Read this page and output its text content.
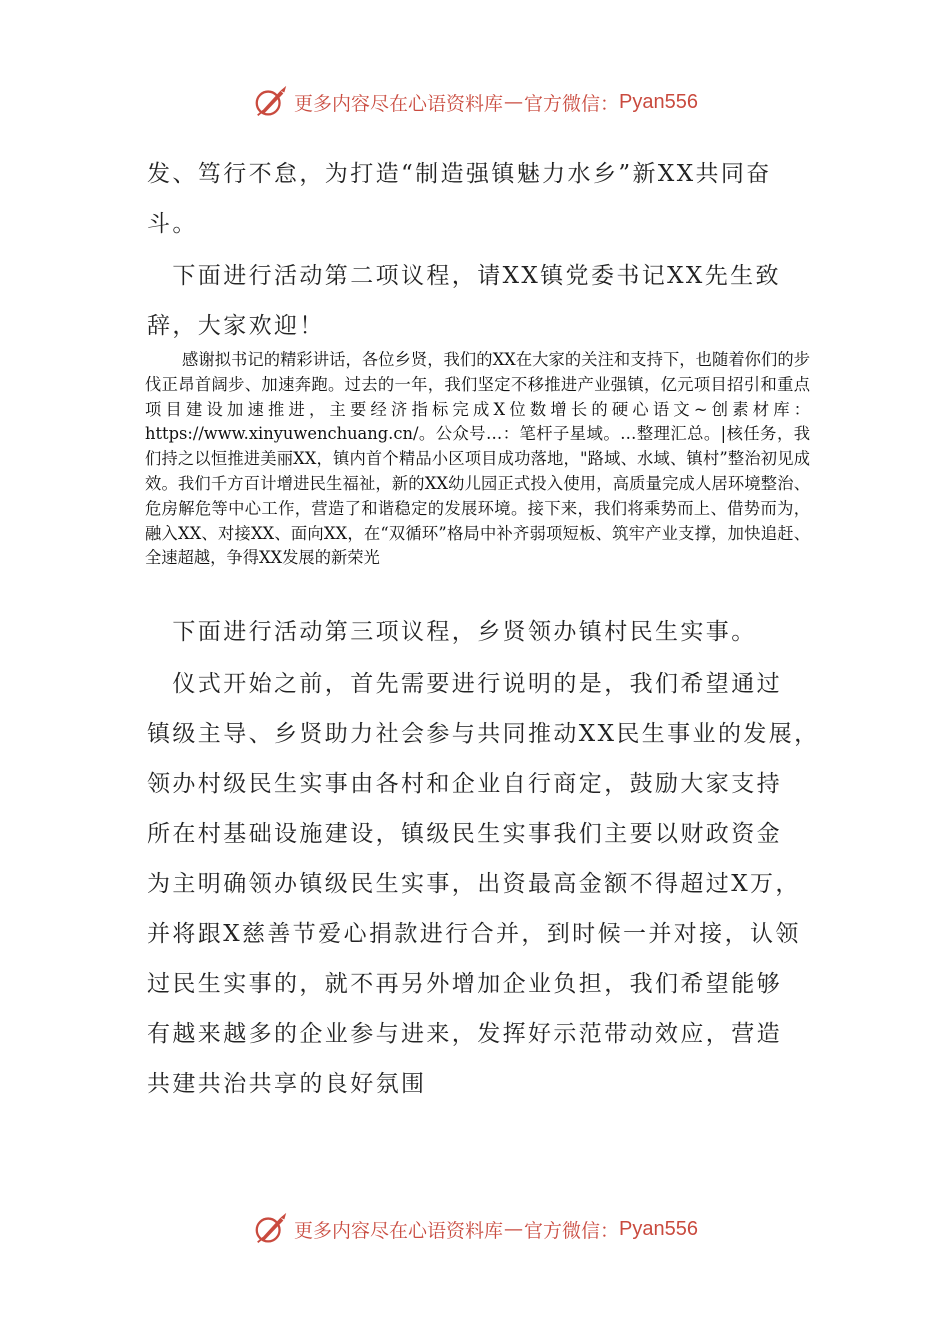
更多内容尽在心语资料库 — 官方微信： Pyan556
发、笃行不怠，为打造“制造强镇魅力水乡”新XX共同奋
斗。
　下面进行活动第二项议程，请XX镇党委书记XX先生致
辞，大家欢迎！
感谢拟书记的精彩讲话，各位乡贤，我们的XX在大家的关注和支持下，也随着你们的步伐正昂首阔步、加速奔跑。过去的一年，我们坚定不移推进产业强镇，亿元项目招引和重点项目建设加速推进，主要经济指标完成X位数增长的硬心语文~创素材库：https://www.xinyuwenchuang.cn/。公众号…：笔杆子星域。…整理汇总。|核任务，我们持之以恒推进美丽XX，镇内首个精品小区项目成功落地，"路域、水域、镇村”整治初见成效。我们千方百计增进民生福祉，新的XX幼儿园正式投入使用，高质量完成人居环境整治、危房解危等中心工作，营造了和谐稳定的发展环境。接下来，我们将乘势而上、借势而为，融入XX、对接XX、面向XX，在“双循环”格局中补齐弱项短板、筑牢产业支撑，加快追赶、全速超越，争得XX发展的新荣光
　下面进行活动第三项议程，乡贤领办镇村民生实事。
　仪式开始之前，首先需要进行说明的是，我们希望通过
镇级主导、乡贤助力社会参与共同推动XX民生事业的发展，
领办村级民生实事由各村和企业自行商定，鼓励大家支持
所在村基础设施建设，镇级民生实事我们主要以财政资金
为主明确领办镇级民生实事，出资最高金额不得超过X万，
并将跟X慈善节爱心捐款进行合并，到时候一并对接，认领
过民生实事的，就不再另外增加企业负担，我们希望能够
有越来越多的企业参与进来，发挥好示范带动效应，营造
共建共治共享的良好氛围
更多内容尽在心语资料库 — 官方微信： Pyan556
